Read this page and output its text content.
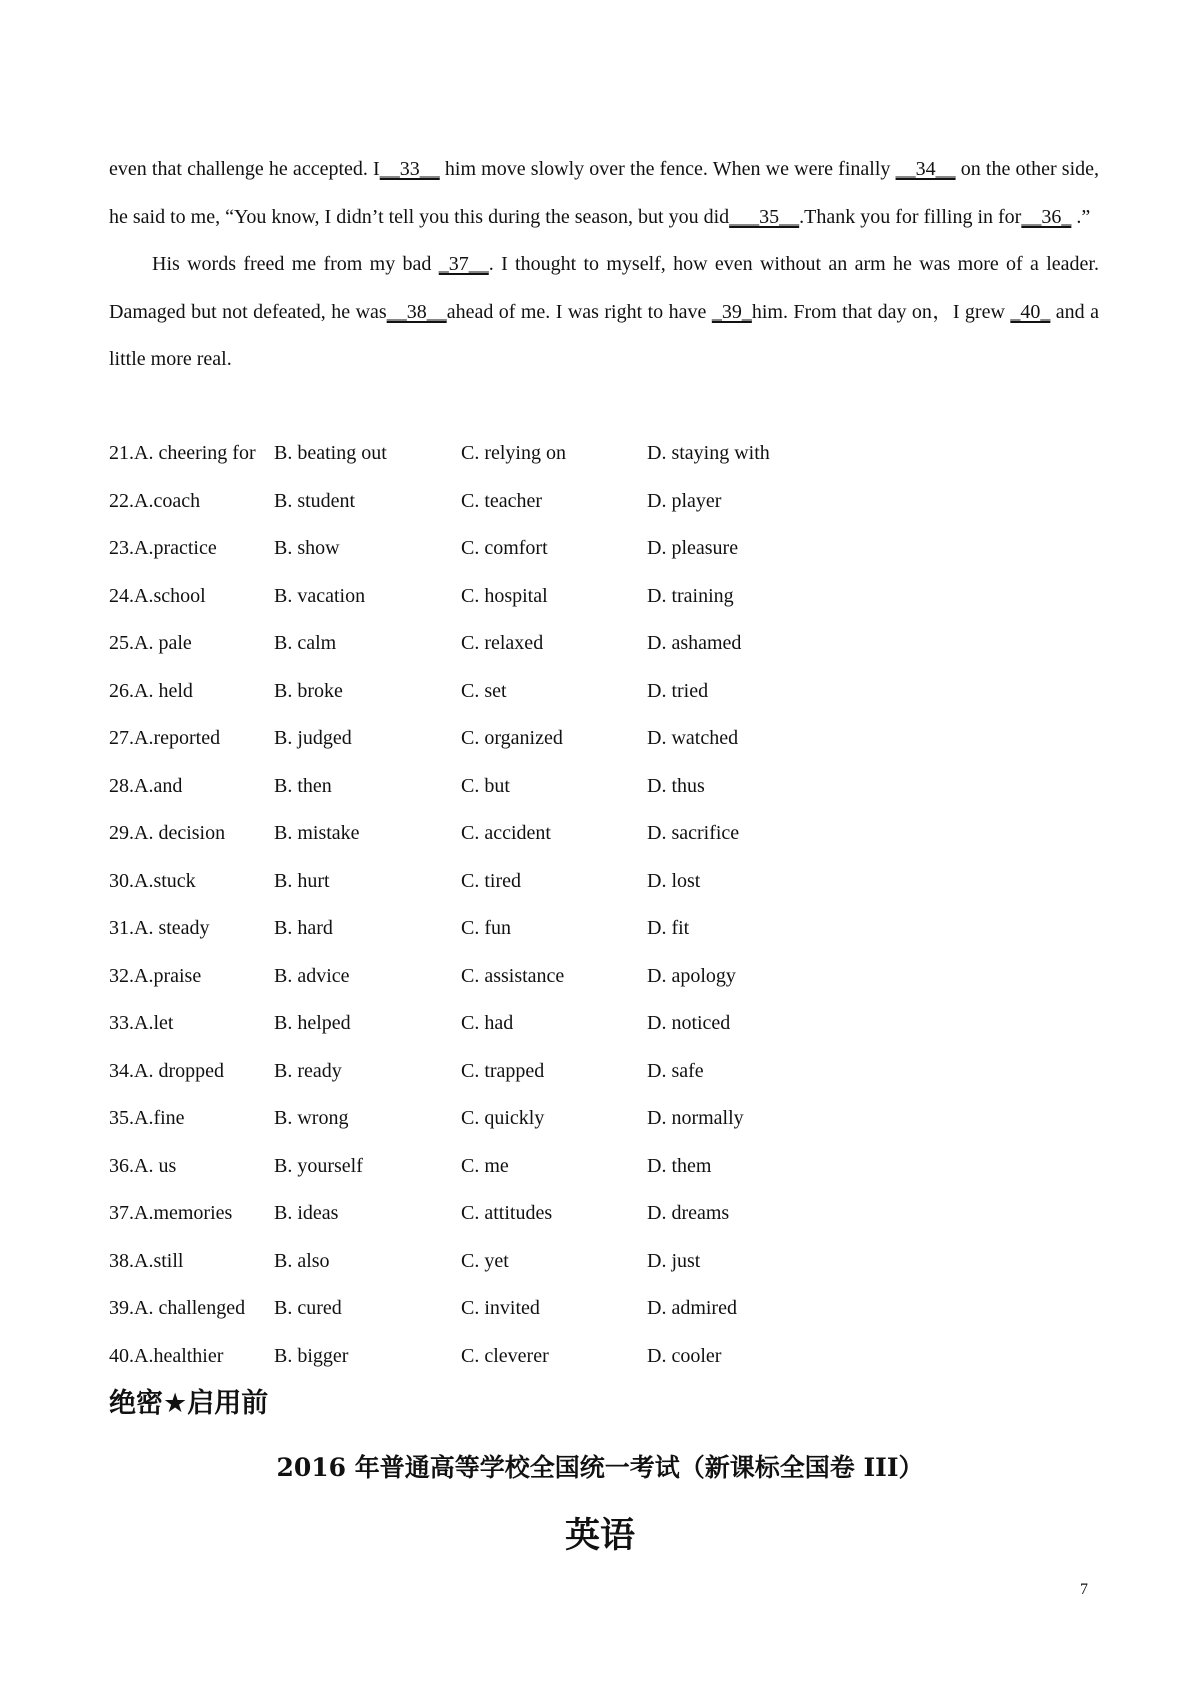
even that challenge he accepted. I__33__ him move slowly over the fence. When we were finally __34__ on the other side, he said to me, “You know, I didn’t tell you this during the season, but you did___35__.Thank you for filling in for__36_ .”

His words freed me from my bad _37__. I thought to myself, how even without an arm he was more of a leader. Damaged but not defeated, he was__38__ahead of me. I was right to have _39_him. From that day on，I grew _40_ and a little more real.

21.A. cheering for B. beating out	C. relying on	D. staying with
22.A.coach	B. student	C. teacher	D. player
23.A.practice	B. show	C. comfort	D. pleasure
24.A.school	B. vacation	C. hospital	D. training
25.A. pale	B. calm	C. relaxed	D. ashamed
26.A. held	B. broke	C. set	D. tried
27.A.reported	B. judged	C. organized	D. watched
28.A.and	B. then	C. but	D. thus
29.A. decision B. mistake	C. accident	D. sacrifice
30.A.stuck	B. hurt	C. tired	D. lost
31.A. steady	B. hard	C. fun	D. fit
32.A.praise	B. advice	C. assistance	D. apology
33.A.let	B. helped	C. had	D. noticed
34.A. dropped	B. ready	C. trapped	D. safe
35.A.fine	B. wrong	C. quickly	D. normally
36.A. us	B. yourself	C. me	D. them
37.A.memories B. ideas	C. attitudes	D. dreams
38.A.still	B. also	C. yet	D. just
39.A. challenged B. cured	C. invited	D. admired
40.A.healthier	B. bigger	C. cleverer	D. cooler
绝密★启用前
2016 年普通高等学校全国统一考试（新课标全国卷 III）
英语
7
